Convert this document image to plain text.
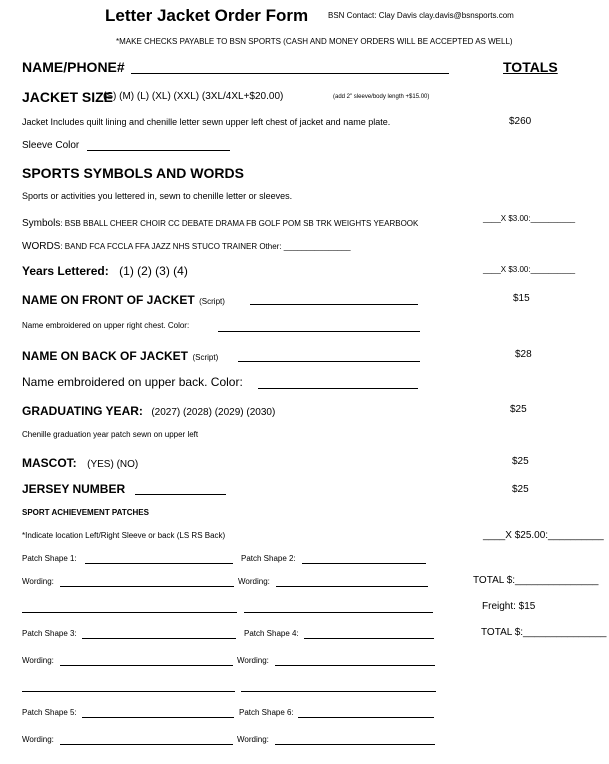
Letter Jacket Order Form BSN Contact: Clay Davis clay.davis@bsnsports.com
*MAKE CHECKS PAYABLE TO BSN SPORTS (CASH AND MONEY ORDERS WILL BE ACCEPTED AS WELL)
NAME/PHONE#	TOTALS
JACKET SIZE
(S) (M) (L) (XL) (XXL) (3XL/4XL+$20.00)	(add 2" sleeve/body length +$15.00)
Jacket Includes quilt lining and chenille letter sewn upper left chest of jacket and name plate.	$260
Sleeve Color
SPORTS SYMBOLS AND WORDS
Sports or activities you lettered in, sewn to chenille letter or sleeves.
Symbols: BSB BBALL CHEER CHOIR CC DEBATE DRAMA FB GOLF POM SB TRK WEIGHTS YEARBOOK
____X $3.00:__________
WORDS: BAND FCA FCCLA FFA JAZZ NHS STUCO TRAINER Other: _______________
Years Lettered: (1) (2) (3) (4)	____X $3.00:__________
NAME ON FRONT OF JACKET (Script)	$15
Name embroidered on upper right chest. Color:
NAME ON BACK OF JACKET (Script)	$28
Name embroidered on upper back. Color:
GRADUATING YEAR: (2027) (2028) (2029) (2030)	$25
Chenille graduation year patch sewn on upper left
MASCOT: (YES) (NO)	$25
JERSEY NUMBER	$25
SPORT ACHIEVEMENT PATCHES
*Indicate location Left/Right Sleeve or back (LS RS Back)	____X $25.00:__________
Patch Shape 1:	Patch Shape 2:
Wording:	Wording:	TOTAL $:_______________
Freight: $15
Patch Shape 3:	Patch Shape 4:	TOTAL $:_______________
Wording:	Wording:
Patch Shape 5:	Patch Shape 6:
Wording:	Wording:
